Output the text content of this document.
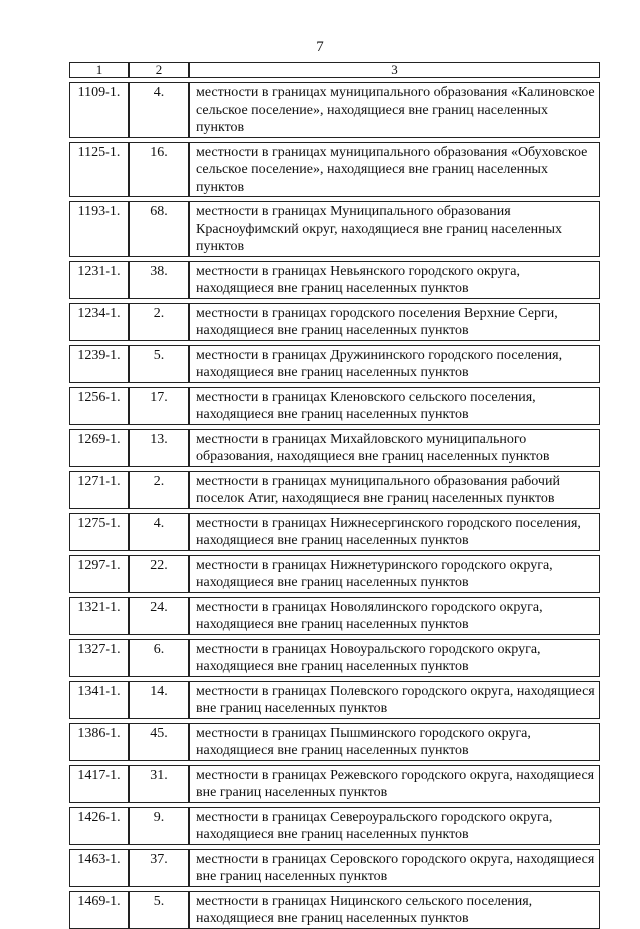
7
1	2	3

1109-1.	4.	местности в границах муниципального образования «Калиновское сельское поселение», находящиеся вне границ населенных пунктов

1125-1.	16.	местности в границах муниципального образования «Обуховское сельское поселение», находящиеся вне границ населенных пунктов

1193-1.	68.	местности в границах Муниципального образования Красноуфимский округ, находящиеся вне границ населенных пунктов

1231-1.	38.	местности в границах Невьянского городского округа, находящиеся вне границ населенных пунктов

1234-1.	2.	местности в границах городского поселения Верхние Серги, находящиеся вне границ населенных пунктов

1239-1.	5.	местности в границах Дружининского городского поселения, находящиеся вне границ населенных пунктов

1256-1.	17.	местности в границах Кленовского сельского поселения, находящиеся вне границ населенных пунктов

1269-1.	13.	местности в границах Михайловского муниципального образования, находящиеся вне границ населенных пунктов

1271-1.	2.	местности в границах муниципального образования рабочий поселок Атиг, находящиеся вне границ населенных пунктов

1275-1.	4.	местности в границах Нижнесергинского городского поселения, находящиеся вне границ населенных пунктов

1297-1.	22.	местности в границах Нижнетуринского городского округа, находящиеся вне границ населенных пунктов

1321-1.	24.	местности в границах Новолялинского городского округа, находящиеся вне границ населенных пунктов

1327-1.	6.	местности в границах Новоуральского городского округа, находящиеся вне границ населенных пунктов

1341-1.	14.	местности в границах Полевского городского округа, находящиеся вне границ населенных пунктов

1386-1.	45.	местности в границах Пышминского городского округа, находящиеся вне границ населенных пунктов

1417-1.	31.	местности в границах Режевского городского округа, находящиеся вне границ населенных пунктов

1426-1.	9.	местности в границах Североуральского городского округа, находящиеся вне границ населенных пунктов

1463-1.	37.	местности в границах Серовского городского округа, находящиеся вне границ населенных пунктов

1469-1.	5.	местности в границах Ницинского сельского поселения, находящиеся вне границ населенных пунктов
